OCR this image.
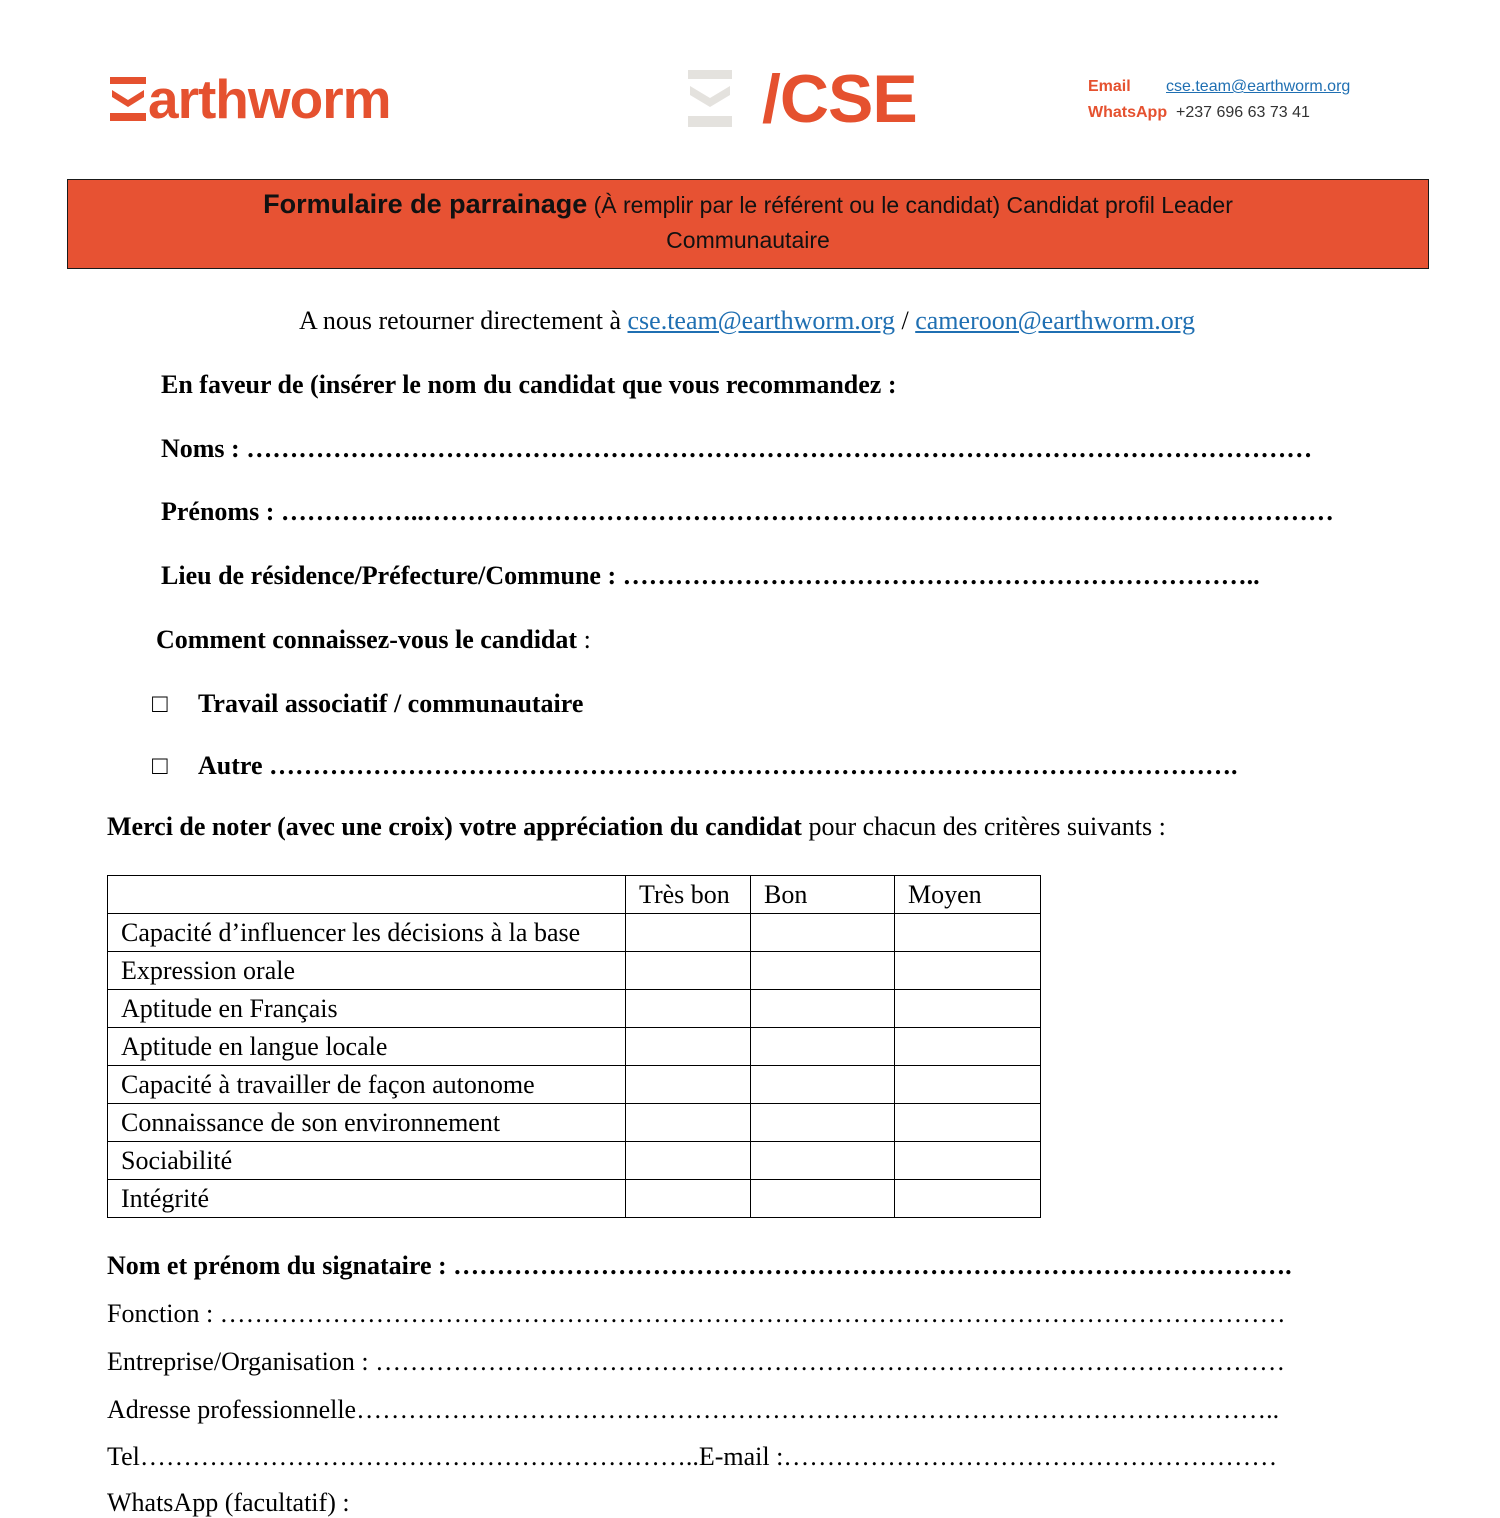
arthworm	/CSE	Email cse.team@earthworm.org
WhatsApp +237 696 63 73 41
Formulaire de parrainage (À remplir par le référent ou le candidat) Candidat profil Leader
Communautaire
A nous retourner directement à cse.team@earthworm.org / cameroon@earthworm.org
En faveur de (insérer le nom du candidat que vous recommandez :
Noms : ……………………………………………………………………………………………………………
Prénoms : ……………..……………………………………………………………………………………………
Lieu de résidence/Préfecture/Commune : ………………………………………………………………..
Comment connaissez-vous le candidat :
□ Travail associatif / communautaire
□ Autre ………………………………………………………………………………………………….
Merci de noter (avec une croix) votre appréciation du candidat pour chacun des critères suivants :
	Très bon	Bon	Moyen
Capacité d’influencer les décisions à la base			
Expression orale			
Aptitude en Français			
Aptitude en langue locale			
Capacité à travailler de façon autonome			
Connaissance de son environnement			
Sociabilité			
Intégrité			
Nom et prénom du signataire : …………………………………………………………………………………….
Fonction : ……………………………………………………………………………………………………………
Entreprise/Organisation : ……………………………………………………………………………………………
Adresse professionnelle……………………………………………………………………………………………..
Tel………………………………………………………..E-mail :…………………………………………………
WhatsApp (facultatif) :
